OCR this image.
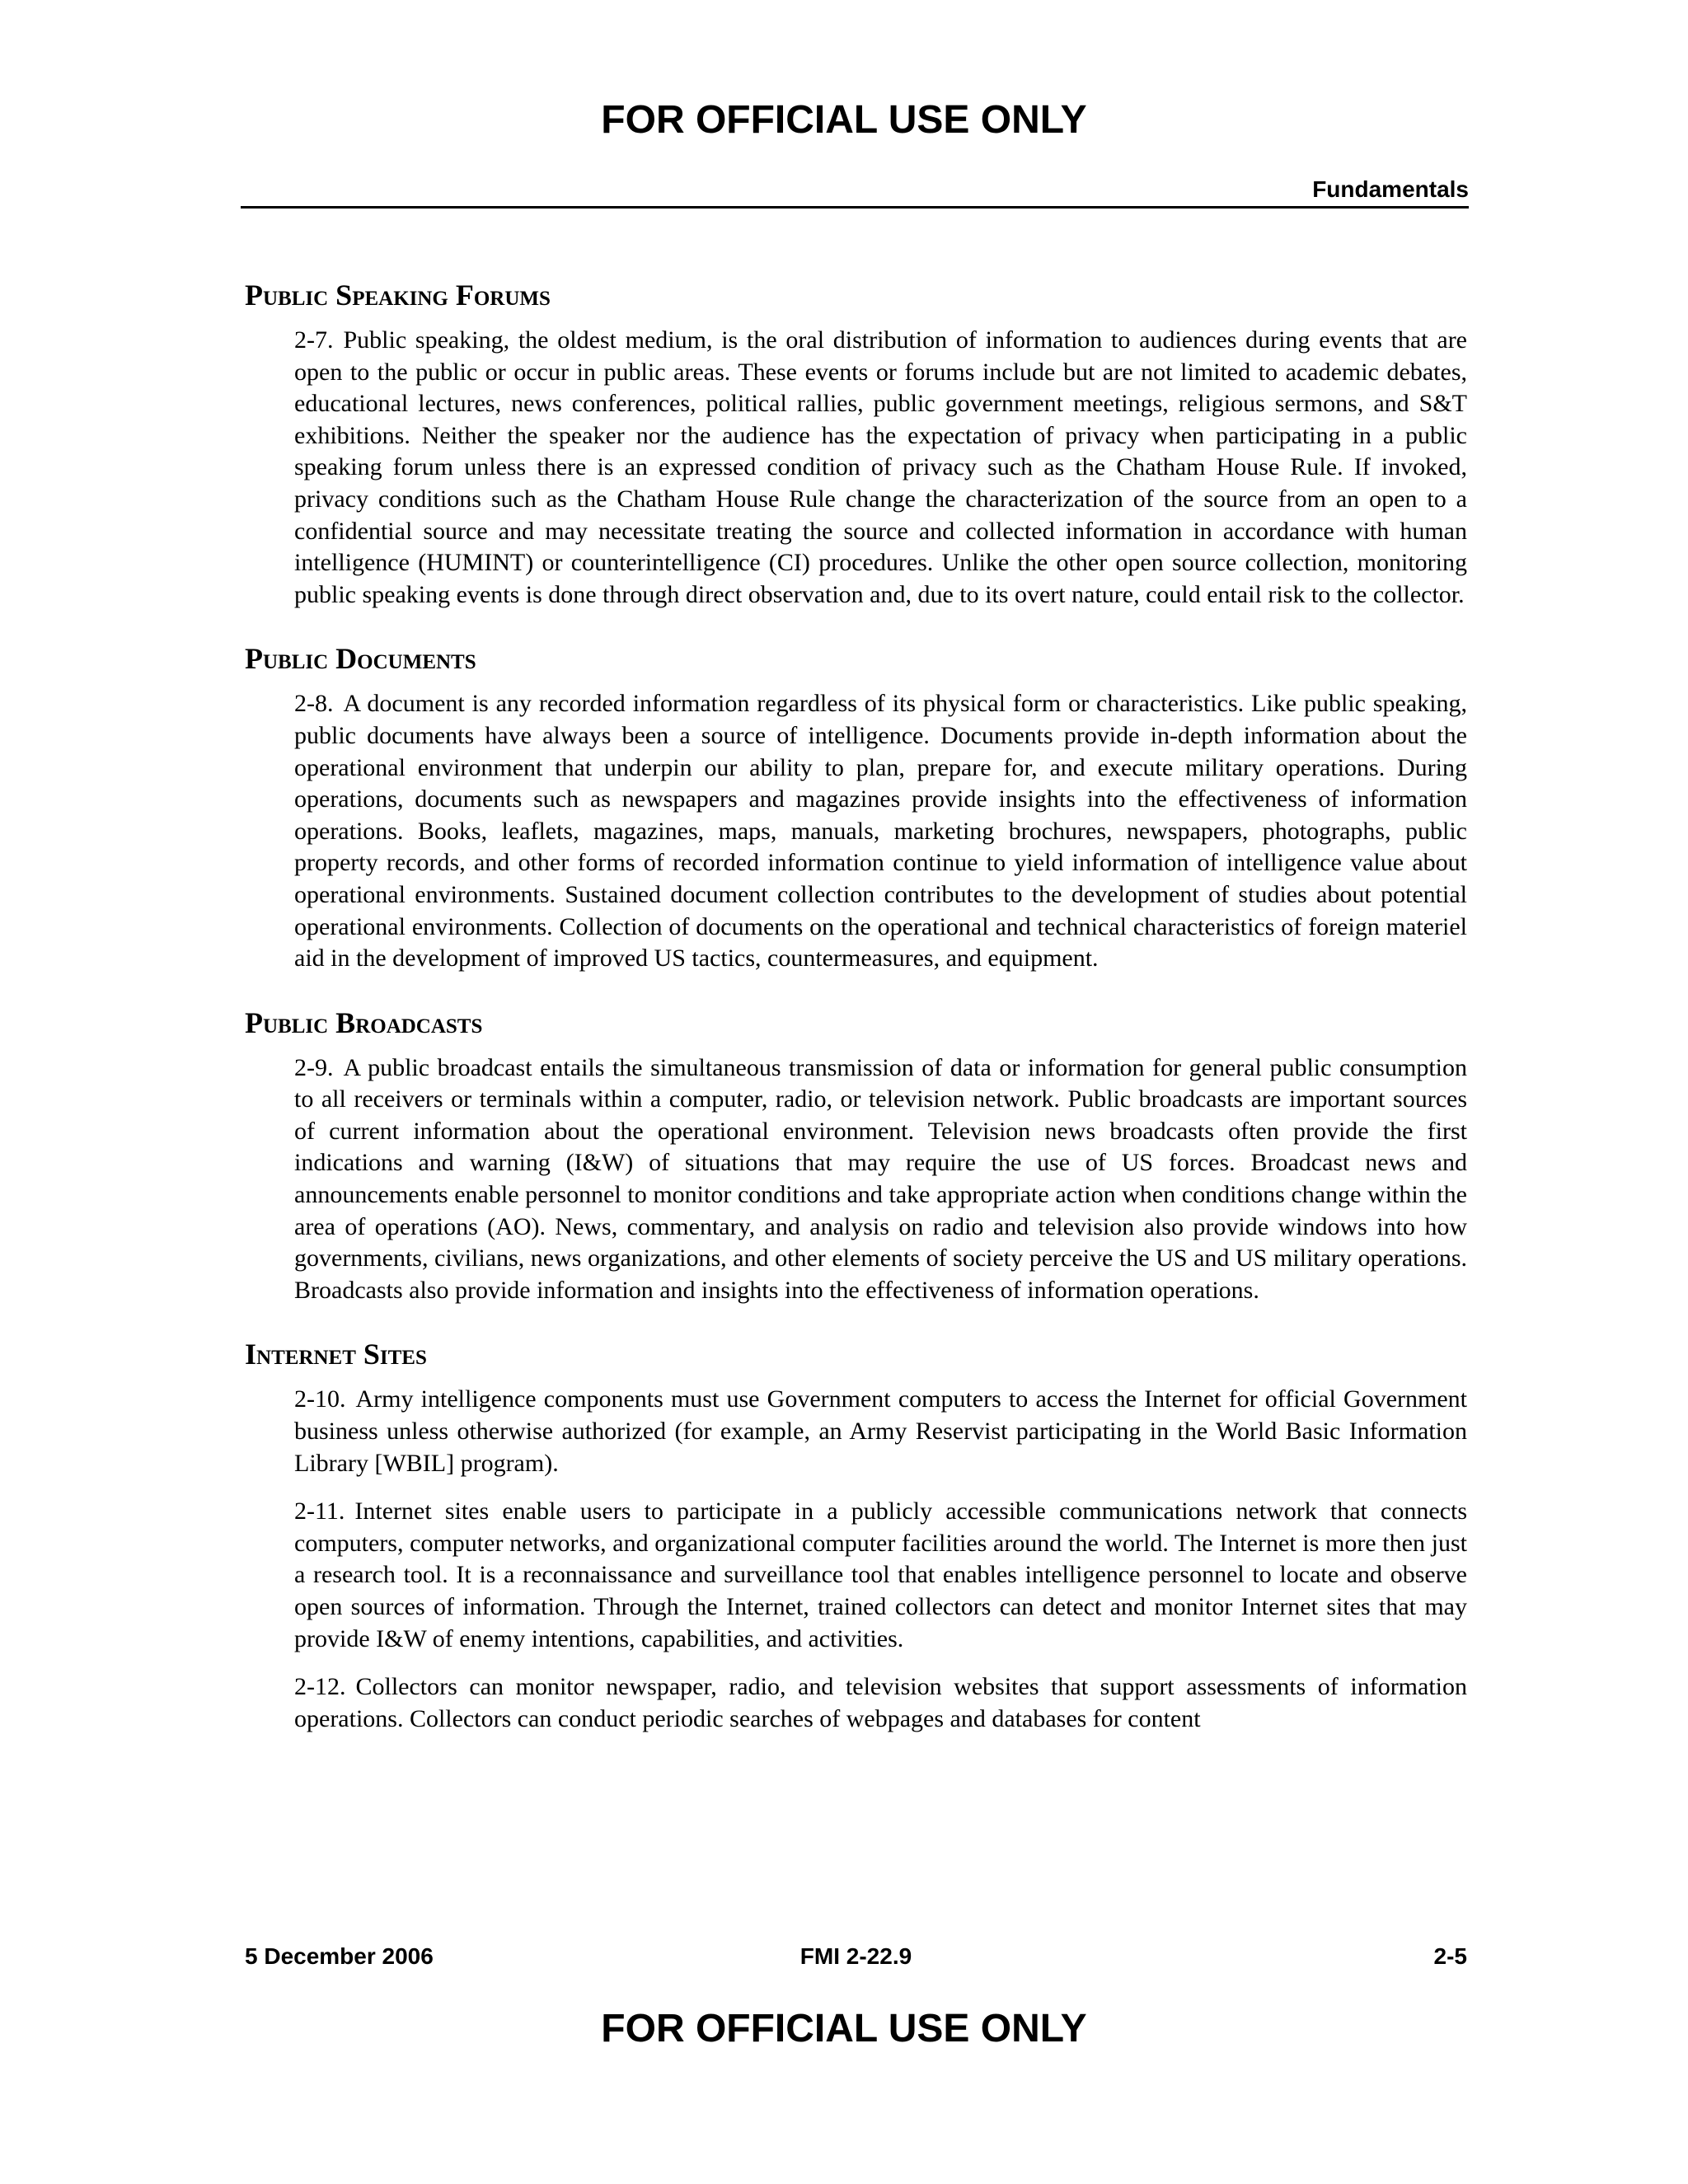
FOR OFFICIAL USE ONLY
Fundamentals
Public Speaking Forums

2-7. Public speaking, the oldest medium, is the oral distribution of information to audiences during events that are open to the public or occur in public areas. These events or forums include but are not limited to academic debates, educational lectures, news conferences, political rallies, public government meetings, religious sermons, and S&T exhibitions. Neither the speaker nor the audience has the expectation of privacy when participating in a public speaking forum unless there is an expressed condition of privacy such as the Chatham House Rule. If invoked, privacy conditions such as the Chatham House Rule change the characterization of the source from an open to a confidential source and may necessitate treating the source and collected information in accordance with human intelligence (HUMINT) or counterintelligence (CI) procedures. Unlike the other open source collection, monitoring public speaking events is done through direct observation and, due to its overt nature, could entail risk to the collector.

Public Documents

2-8. A document is any recorded information regardless of its physical form or characteristics. Like public speaking, public documents have always been a source of intelligence. Documents provide in-depth information about the operational environment that underpin our ability to plan, prepare for, and execute military operations. During operations, documents such as newspapers and magazines provide insights into the effectiveness of information operations. Books, leaflets, magazines, maps, manuals, marketing brochures, newspapers, photographs, public property records, and other forms of recorded information continue to yield information of intelligence value about operational environments. Sustained document collection contributes to the development of studies about potential operational environments. Collection of documents on the operational and technical characteristics of foreign materiel aid in the development of improved US tactics, countermeasures, and equipment.

Public Broadcasts

2-9. A public broadcast entails the simultaneous transmission of data or information for general public consumption to all receivers or terminals within a computer, radio, or television network. Public broadcasts are important sources of current information about the operational environment. Television news broadcasts often provide the first indications and warning (I&W) of situations that may require the use of US forces. Broadcast news and announcements enable personnel to monitor conditions and take appropriate action when conditions change within the area of operations (AO). News, commentary, and analysis on radio and television also provide windows into how governments, civilians, news organizations, and other elements of society perceive the US and US military operations. Broadcasts also provide information and insights into the effectiveness of information operations.

Internet Sites

2-10. Army intelligence components must use Government computers to access the Internet for official Government business unless otherwise authorized (for example, an Army Reservist participating in the World Basic Information Library [WBIL] program).

2-11. Internet sites enable users to participate in a publicly accessible communications network that connects computers, computer networks, and organizational computer facilities around the world. The Internet is more then just a research tool. It is a reconnaissance and surveillance tool that enables intelligence personnel to locate and observe open sources of information. Through the Internet, trained collectors can detect and monitor Internet sites that may provide I&W of enemy intentions, capabilities, and activities.

2-12. Collectors can monitor newspaper, radio, and television websites that support assessments of information operations. Collectors can conduct periodic searches of webpages and databases for content

5 December 2006	FMI 2-22.9	2-5
FOR OFFICIAL USE ONLY
